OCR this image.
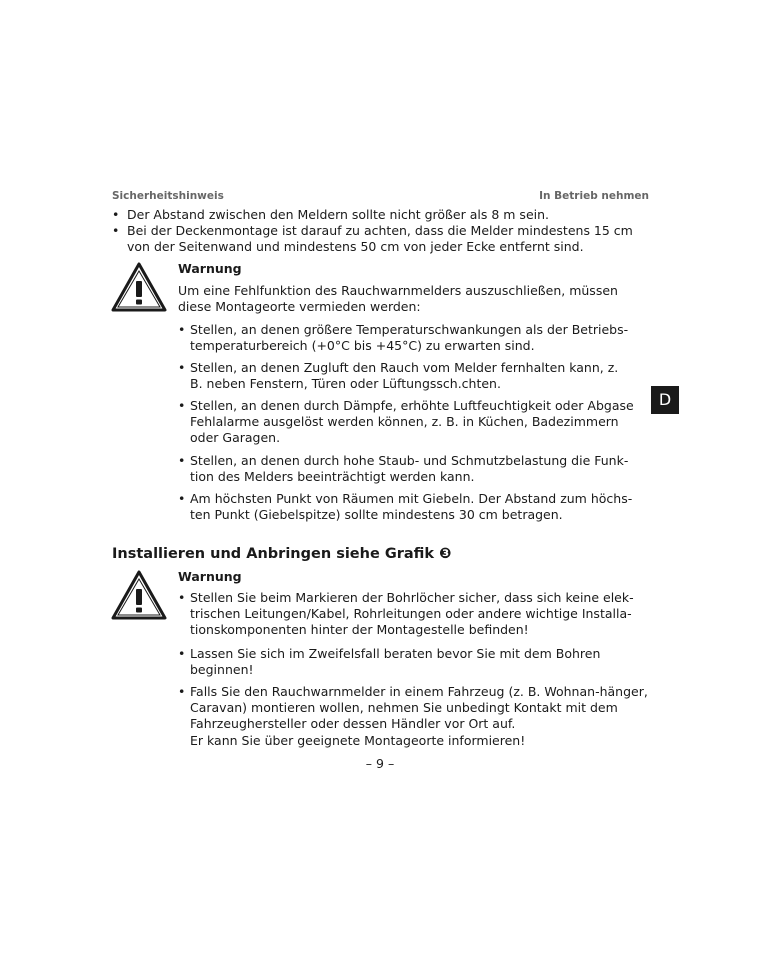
Sicherheitshinweis	In Betrieb nehmen
• Der Abstand zwischen den Meldern sollte nicht größer als 8 m sein.
• Bei der Deckenmontage ist darauf zu achten, dass die Melder mindestens 15 cm von der Seitenwand und mindestens 50 cm von jeder Ecke entfernt sind.
Warnung
Um eine Fehlfunktion des Rauchwarnmelders auszuschließen, müssen diese Montageorte vermieden werden:
• Stellen, an denen größere Temperaturschwankungen als der Betriebs-temperaturbereich (+0°C bis +45°C) zu erwarten sind.
• Stellen, an denen Zugluft den Rauch vom Melder fernhalten kann, z. B. neben Fenstern, Türen oder Lüftungssch.chten.
• Stellen, an denen durch Dämpfe, erhöhte Luftfeuchtigkeit oder Abgase Fehlalarme ausgelöst werden können, z. B. in Küchen, Badezimmern oder Garagen.
• Stellen, an denen durch hohe Staub- und Schmutzbelastung die Funk-tion des Melders beeinträchtigt werden kann.
• Am höchsten Punkt von Räumen mit Giebeln. Der Abstand zum höchs-ten Punkt (Giebelspitze) sollte mindestens 30 cm betragen.
D
Installieren und Anbringen siehe Grafik ❸
Warnung
• Stellen Sie beim Markieren der Bohrlöcher sicher, dass sich keine elek-trischen Leitungen/Kabel, Rohrleitungen oder andere wichtige Installa-tionskomponenten hinter der Montagestelle befinden!
• Lassen Sie sich im Zweifelsfall beraten bevor Sie mit dem Bohren beginnen!
• Falls Sie den Rauchwarnmelder in einem Fahrzeug (z. B. Wohnan-hänger, Caravan) montieren wollen, nehmen Sie unbedingt Kontakt mit dem Fahrzeughersteller oder dessen Händler vor Ort auf.
Er kann Sie über geeignete Montageorte informieren!
– 9 –
